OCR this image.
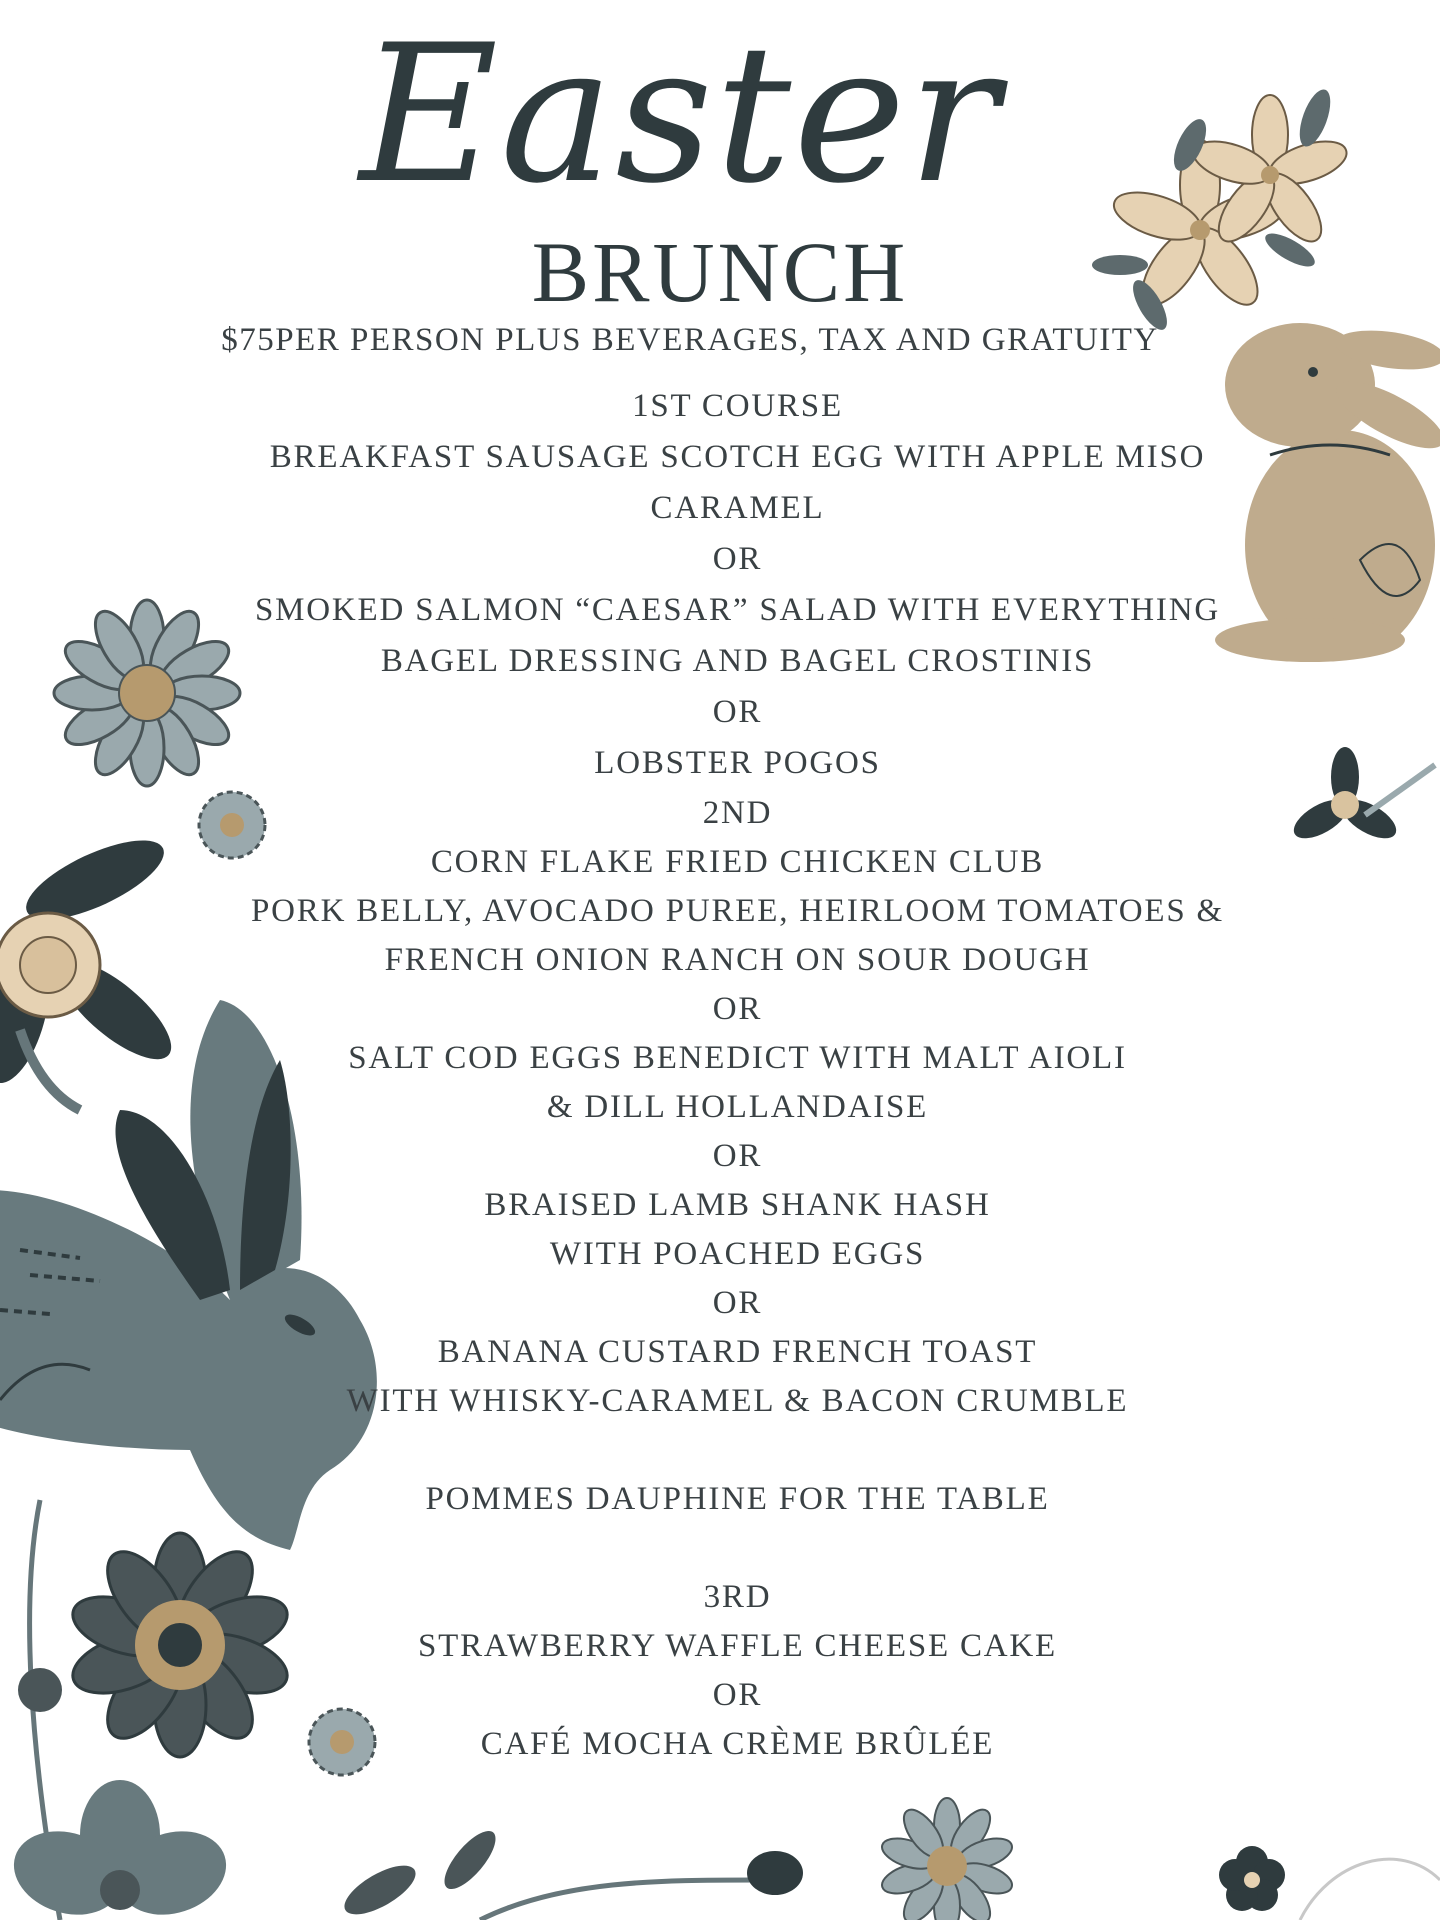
Easter
BRUNCH
$75PER PERSON PLUS BEVERAGES, TAX AND GRATUITY
1ST COURSE
BREAKFAST SAUSAGE SCOTCH EGG WITH APPLE MISO
CARAMEL
OR
SMOKED SALMON “CAESAR” SALAD WITH EVERYTHING
BAGEL DRESSING AND BAGEL CROSTINIS
OR
LOBSTER POGOS
2ND
CORN FLAKE FRIED CHICKEN CLUB
PORK BELLY, AVOCADO PUREE, HEIRLOOM TOMATOES &
FRENCH ONION RANCH ON SOUR DOUGH
OR
SALT COD EGGS BENEDICT WITH MALT AIOLI
& DILL HOLLANDAISE
OR
BRAISED LAMB SHANK HASH
WITH POACHED EGGS
OR
BANANA CUSTARD FRENCH TOAST
WITH WHISKY-CARAMEL & BACON CRUMBLE
POMMES DAUPHINE FOR THE TABLE
3RD
STRAWBERRY WAFFLE CHEESE CAKE
OR
CAFÉ MOCHA CRÈME BRÛLÉE
